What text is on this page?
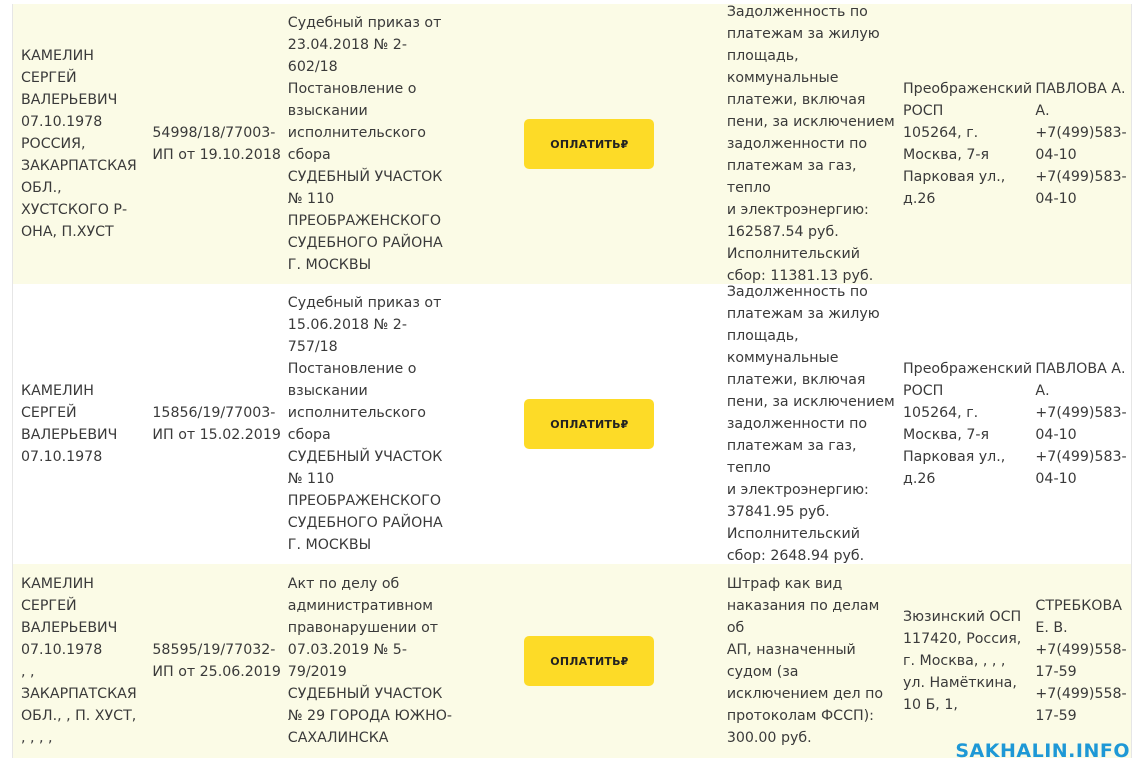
КАМЕЛИН
СЕРГЕЙ
ВАЛЕРЬЕВИЧ
07.10.1978
РОССИЯ,
ЗАКАРПАТСКАЯ
ОБЛ.,
ХУСТСКОГО Р-
ОНА, П.ХУСТ
54998/18/77003-
ИП от 19.10.2018
Судебный приказ от
23.04.2018 № 2-
602/18
Постановление о
взыскании
исполнительского
сбора
СУДЕБНЫЙ УЧАСТОК
№ 110
ПРЕОБРАЖЕНСКОГО
СУДЕБНОГО РАЙОНА
Г. МОСКВЫ
ОПЛАТИТЬ₽
Задолженность по
платежам за жилую
площадь,
коммунальные
платежи, включая
пени, за исключением
задолженности по
платежам за газ, тепло
и электроэнергию:
162587.54 руб.
Исполнительский
сбор: 11381.13 руб.
Преображенский
РОСП
105264, г.
Москва, 7-я
Парковая ул.,
д.26
ПАВЛОВА А.
А.
+7(499)583-
04-10
+7(499)583-
04-10
КАМЕЛИН
СЕРГЕЙ
ВАЛЕРЬЕВИЧ
07.10.1978
15856/19/77003-
ИП от 15.02.2019
Судебный приказ от
15.06.2018 № 2-
757/18
Постановление о
взыскании
исполнительского
сбора
СУДЕБНЫЙ УЧАСТОК
№ 110
ПРЕОБРАЖЕНСКОГО
СУДЕБНОГО РАЙОНА
Г. МОСКВЫ
ОПЛАТИТЬ₽
Задолженность по
платежам за жилую
площадь,
коммунальные
платежи, включая
пени, за исключением
задолженности по
платежам за газ, тепло
и электроэнергию:
37841.95 руб.
Исполнительский
сбор: 2648.94 руб.
Преображенский
РОСП
105264, г.
Москва, 7-я
Парковая ул.,
д.26
ПАВЛОВА А.
А.
+7(499)583-
04-10
+7(499)583-
04-10
КАМЕЛИН
СЕРГЕЙ
ВАЛЕРЬЕВИЧ
07.10.1978
, ,
ЗАКАРПАТСКАЯ
ОБЛ., , П. ХУСТ,
, , , ,
58595/19/77032-
ИП от 25.06.2019
Акт по делу об
административном
правонарушении от
07.03.2019 № 5-
79/2019
СУДЕБНЫЙ УЧАСТОК
№ 29 ГОРОДА ЮЖНО-
САХАЛИНСКА
ОПЛАТИТЬ₽
Штраф как вид
наказания по делам об
АП, назначенный
судом (за
исключением дел по
протоколам ФССП):
300.00 руб.
Зюзинский ОСП
117420, Россия,
г. Москва, , , ,
ул. Намёткина,
10 Б, 1,
СТРЕБКОВА
Е. В.
+7(499)558-
17-59
+7(499)558-
17-59
SAKHALIN.INFO
